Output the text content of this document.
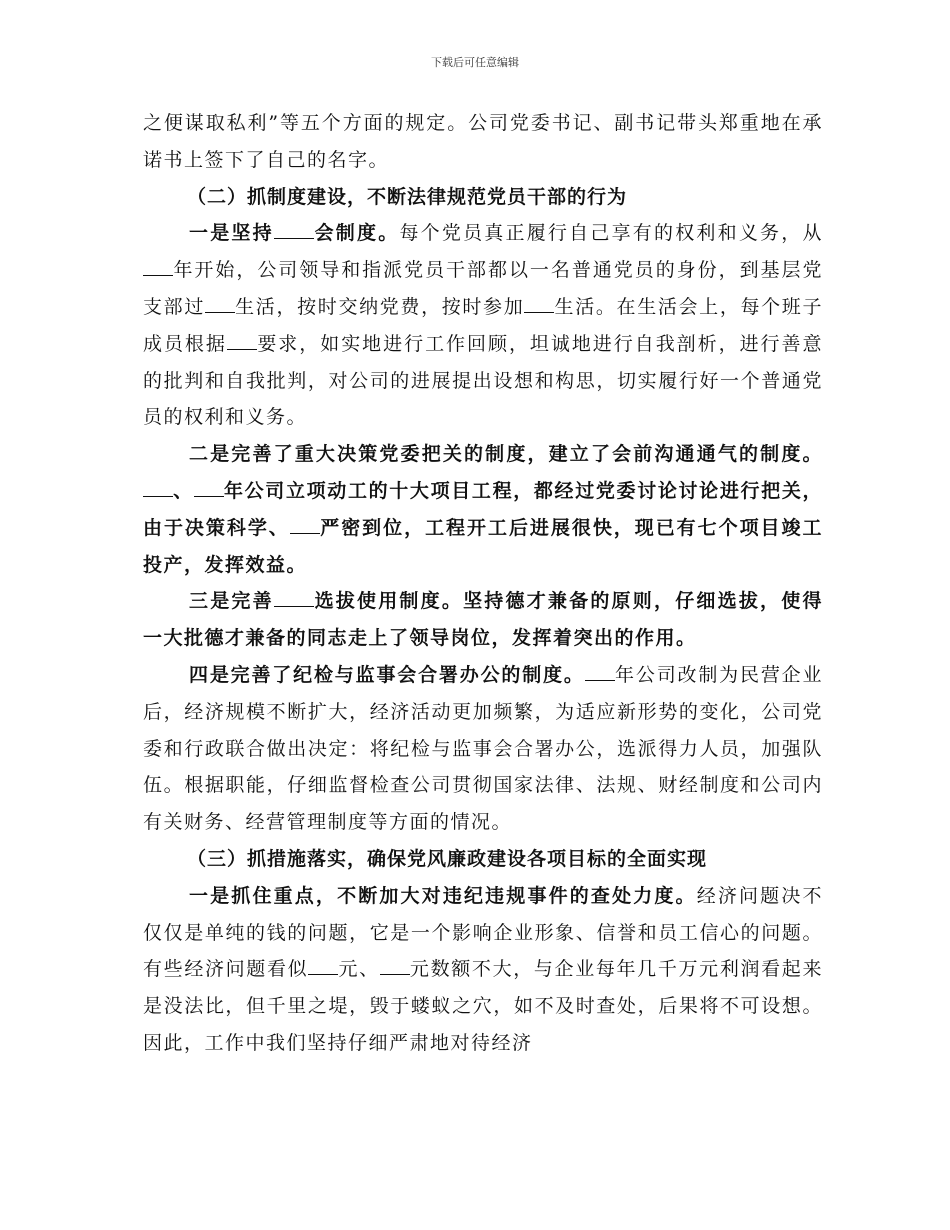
下载后可任意编辑

之便谋取私利”等五个方面的规定。公司党委书记、副书记带头郑重地在承诺书上签下了自己的名字。

（二）抓制度建设，不断法律规范党员干部的行为

一是坚持 会制度。每个党员真正履行自己享有的权利和义务，从年开始，公司领导和指派党员干部都以一名普通党员的身份，到基层党支部过 生活，按时交纳党费，按时参加 生活。在生活会上，每个班子成员根据 要求，如实地进行工作回顾，坦诚地进行自我剖析，进行善意的批判和自我批判，对公司的进展提出设想和构思，切实履行好一个普通党员的权利和义务。

二是完善了重大决策党委把关的制度，建立了会前沟通通气的制度。、 年公司立项动工的十大项目工程，都经过党委讨论讨论进行把关，由于决策科学、 严密到位，工程开工后进展很快，现已有七个项目竣工投产，发挥效益。

三是完善 选拔使用制度。坚持德才兼备的原则，仔细选拔，使得一大批德才兼备的同志走上了领导岗位，发挥着突出的作用。

四是完善了纪检与监事会合署办公的制度。 年公司改制为民营企业后，经济规模不断扩大，经济活动更加频繁，为适应新形势的变化，公司党委和行政联合做出决定：将纪检与监事会合署办公，选派得力人员，加强队伍。根据职能，仔细监督检查公司贯彻国家法律、法规、财经制度和公司内有关财务、经营管理制度等方面的情况。

（三）抓措施落实，确保党风廉政建设各项目标的全面实现

一是抓住重点，不断加大对违纪违规事件的查处力度。经济问题决不仅仅是单纯的钱的问题，它是一个影响企业形象、信誉和员工信心的问题。有些经济问题看似 元、 元数额不大，与企业每年几千万元利润看起来是没法比，但千里之堤，毁于蝼蚁之穴，如不及时查处，后果将不可设想。因此，工作中我们坚持仔细严肃地对待经济
